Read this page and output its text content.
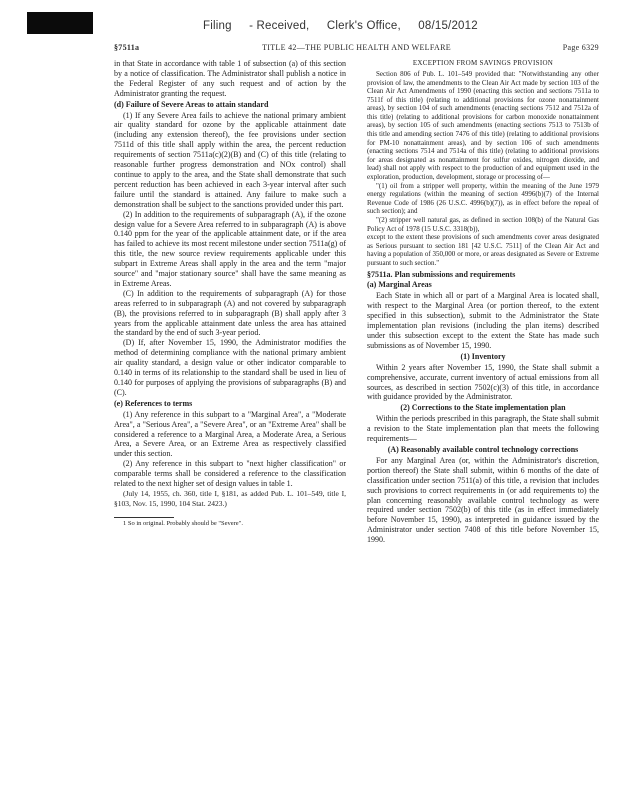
Filing - Received, Clerk's Office, 08/15/2012
§7511a	TITLE 42—THE PUBLIC HEALTH AND WELFARE	Page 6329

in that State in accordance with table 1 of subsection (a) of this section by a notice of classification. The Administrator shall publish a notice in the Federal Register of any such request and of action by the Administrator granting the request.

(d) Failure of Severe Areas to attain standard

(1) If any Severe Area fails to achieve the national primary ambient air quality standard for ozone by the applicable attainment date (including any extension thereof), the fee provisions under section 7511d of this title shall apply within the area, the percent reduction requirements of section 7511a(c)(2)(B) and (C) of this title (relating to reasonable further progress demonstration and NOx control) shall continue to apply to the area, and the State shall demonstrate that such percent reduction has been achieved in each 3-year interval after such failure until the standard is attained. Any failure to make such a demonstration shall be subject to the sanctions provided under this part.

(2) In addition to the requirements of subparagraph (A), if the ozone design value for a Severe Area referred to in subparagraph (A) is above 0.140 ppm for the year of the applicable attainment date, or if the area has failed to achieve its most recent milestone under section 7511a(g) of this title, the new source review requirements applicable under this subpart in Extreme Areas shall apply in the area and the term "major source" and "major stationary source" shall have the same meaning as in Extreme Areas.

(C) In addition to the requirements of subparagraph (A) for those areas referred to in subparagraph (A) and not covered by subparagraph (B), the provisions referred to in subparagraph (B) shall apply after 3 years from the applicable attainment date unless the area has attained the standard by the end of such 3-year period.

(D) If, after November 15, 1990, the Administrator modifies the method of determining compliance with the national primary ambient air quality standard, a design value or other indicator comparable to 0.140 in terms of its relationship to the standard shall be used in lieu of 0.140 for purposes of applying the provisions of subparagraphs (B) and (C).

(e) References to terms

(1) Any reference in this subpart to a "Marginal Area", a "Moderate Area", a "Serious Area", a "Severe Area", or an "Extreme Area" shall be considered a reference to a Marginal Area, a Moderate Area, a Serious Area, a Severe Area, or an Extreme Area as respectively classified under this section.

(2) Any reference in this subpart to "next higher classification" or comparable terms shall be considered a reference to the classification related to the next higher set of design values in table 1.

(July 14, 1955, ch. 360, title I, §181, as added Pub. L. 101–549, title I, §103, Nov. 15, 1990, 104 Stat. 2423.)

1 So in original. Probably should be "Severe".

EXCEPTION FROM SAVINGS PROVISION

Section 806 of Pub. L. 101–549 provided that: "Notwithstanding any other provision of law, the amendments to the Clean Air Act made by section 103 of the Clean Air Act Amendments of 1990 (enacting this section and sections 7511a to 7511f of this title) (relating to additional provisions for ozone nonattainment areas), by section 104 of such amendments (enacting sections 7512 and 7512a of this title) (relating to additional provisions for carbon monoxide nonattainment areas), by section 105 of such amendments (enacting sections 7513 to 7513b of this title and amending section 7476 of this title) (relating to additional provisions for PM-10 nonattainment areas), and by section 106 of such amendments (enacting sections 7514 and 7514a of this title) (relating to additional provisions for areas designated as nonattainment for sulfur oxides, nitrogen dioxide, and lead) shall not apply with respect to the production of and equipment used in the exploration, production, development, storage or processing of—

"(1) oil from a stripper well property, within the meaning of the June 1979 energy regulations (within the meaning of section 4996(b)(7) of the Internal Revenue Code of 1986 (26 U.S.C. 4996(b)(7)), as in effect before the repeal of such section); and

"(2) stripper well natural gas, as defined in section 108(b) of the Natural Gas Policy Act of 1978 (15 U.S.C. 3318(b)),

except to the extent these provisions of such amendments cover areas designated as Serious pursuant to section 181 [42 U.S.C. 7511] of the Clean Air Act and having a population of 350,000 or more, or areas designated as Severe or Extreme pursuant to such section."

§7511a. Plan submissions and requirements
(a) Marginal Areas

Each State in which all or part of a Marginal Area is located shall, with respect to the Marginal Area (or portion thereof, to the extent specified in this subsection), submit to the Administrator the State implementation plan revisions (including the plan items) described under this subsection except to the extent the State has made such submissions as of November 15, 1990.

(1) Inventory

Within 2 years after November 15, 1990, the State shall submit a comprehensive, accurate, current inventory of actual emissions from all sources, as described in section 7502(c)(3) of this title, in accordance with guidance provided by the Administrator.

(2) Corrections to the State implementation plan

Within the periods prescribed in this paragraph, the State shall submit a revision to the State implementation plan that meets the following requirements—

(A) Reasonably available control technology corrections

For any Marginal Area (or, within the Administrator's discretion, portion thereof) the State shall submit, within 6 months of the date of classification under section 7511(a) of this title, a revision that includes such provisions to correct requirements in (or add requirements to) the plan concerning reasonably available control technology as were required under section 7502(b) of this title (as in effect immediately before November 15, 1990), as interpreted in guidance issued by the Administrator under section 7408 of this title before November 15, 1990.
